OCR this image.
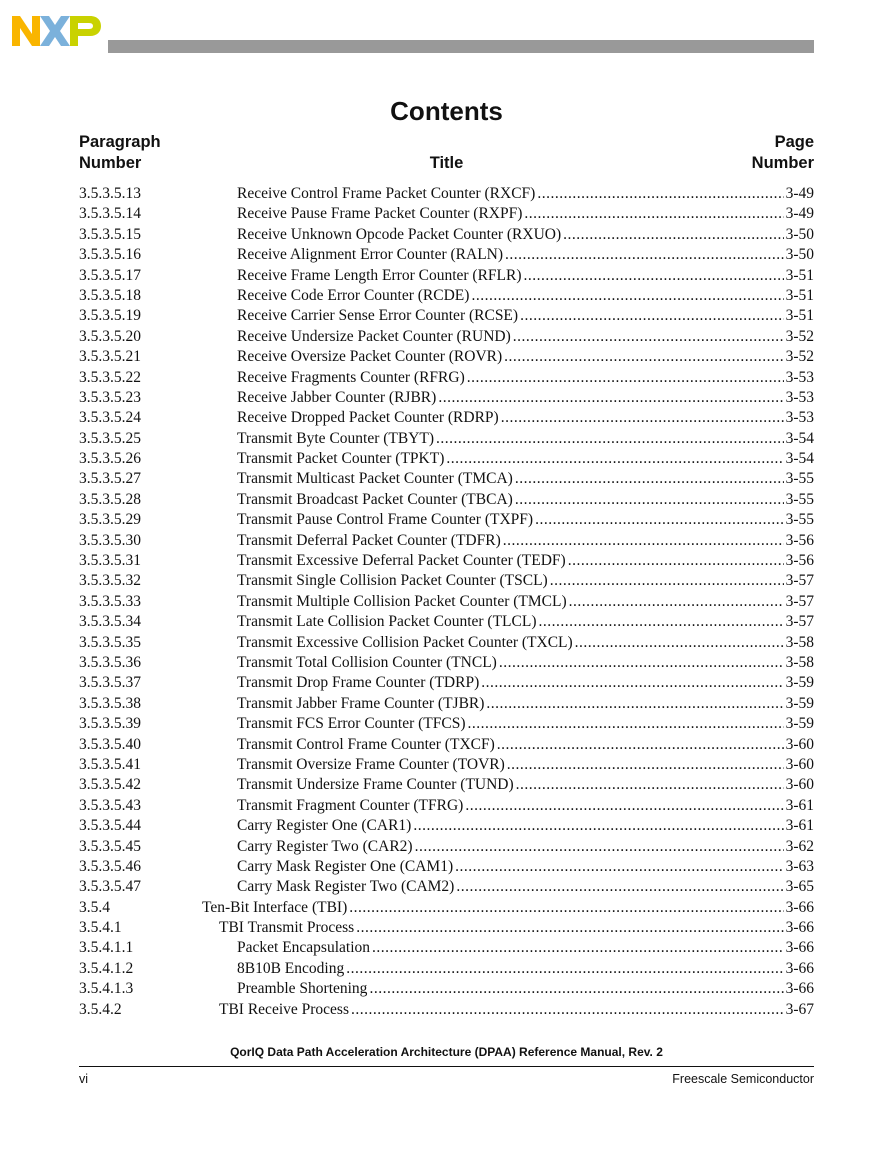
Contents
Paragraph
Number	Title
Page
Number
3.5.3.5.13	Receive Control Frame Packet Counter (RXCF) .....	3-49
3.5.3.5.14	Receive Pause Frame Packet Counter (RXPF) .....	3-49
3.5.3.5.15	Receive Unknown Opcode Packet Counter (RXUO) .....	3-50
3.5.3.5.16	Receive Alignment Error Counter (RALN) .....	3-50
3.5.3.5.17	Receive Frame Length Error Counter (RFLR) .....	3-51
3.5.3.5.18	Receive Code Error Counter (RCDE) .....	3-51
3.5.3.5.19	Receive Carrier Sense Error Counter (RCSE) .....	3-51
3.5.3.5.20	Receive Undersize Packet Counter (RUND) .....	3-52
3.5.3.5.21	Receive Oversize Packet Counter (ROVR) .....	3-52
3.5.3.5.22	Receive Fragments Counter (RFRG) .....	3-53
3.5.3.5.23	Receive Jabber Counter (RJBR) .....	3-53
3.5.3.5.24	Receive Dropped Packet Counter (RDRP) .....	3-53
3.5.3.5.25	Transmit Byte Counter (TBYT) .....	3-54
3.5.3.5.26	Transmit Packet Counter (TPKT) .....	3-54
3.5.3.5.27	Transmit Multicast Packet Counter (TMCA) .....	3-55
3.5.3.5.28	Transmit Broadcast Packet Counter (TBCA) .....	3-55
3.5.3.5.29	Transmit Pause Control Frame Counter (TXPF) .....	3-55
3.5.3.5.30	Transmit Deferral Packet Counter (TDFR) .....	3-56
3.5.3.5.31	Transmit Excessive Deferral Packet Counter (TEDF) .....	3-56
3.5.3.5.32	Transmit Single Collision Packet Counter (TSCL) .....	3-57
3.5.3.5.33	Transmit Multiple Collision Packet Counter (TMCL) .....	3-57
3.5.3.5.34	Transmit Late Collision Packet Counter (TLCL) .....	3-57
3.5.3.5.35	Transmit Excessive Collision Packet Counter (TXCL) .....	3-58
3.5.3.5.36	Transmit Total Collision Counter (TNCL) .....	3-58
3.5.3.5.37	Transmit Drop Frame Counter (TDRP) .....	3-59
3.5.3.5.38	Transmit Jabber Frame Counter (TJBR) .....	3-59
3.5.3.5.39	Transmit FCS Error Counter (TFCS) .....	3-59
3.5.3.5.40	Transmit Control Frame Counter (TXCF) .....	3-60
3.5.3.5.41	Transmit Oversize Frame Counter (TOVR) .....	3-60
3.5.3.5.42	Transmit Undersize Frame Counter (TUND) .....	3-60
3.5.3.5.43	Transmit Fragment Counter (TFRG) .....	3-61
3.5.3.5.44	Carry Register One (CAR1) .....	3-61
3.5.3.5.45	Carry Register Two (CAR2) .....	3-62
3.5.3.5.46	Carry Mask Register One (CAM1) .....	3-63
3.5.3.5.47	Carry Mask Register Two (CAM2) .....	3-65
3.5.4	Ten-Bit Interface (TBI) .....	3-66
3.5.4.1	TBI Transmit Process .....	3-66
3.5.4.1.1	Packet Encapsulation .....	3-66
3.5.4.1.2	8B10B Encoding .....	3-66
3.5.4.1.3	Preamble Shortening .....	3-66
3.5.4.2	TBI Receive Process .....	3-67
QorIQ Data Path Acceleration Architecture (DPAA) Reference Manual, Rev. 2
vi	Freescale Semiconductor
